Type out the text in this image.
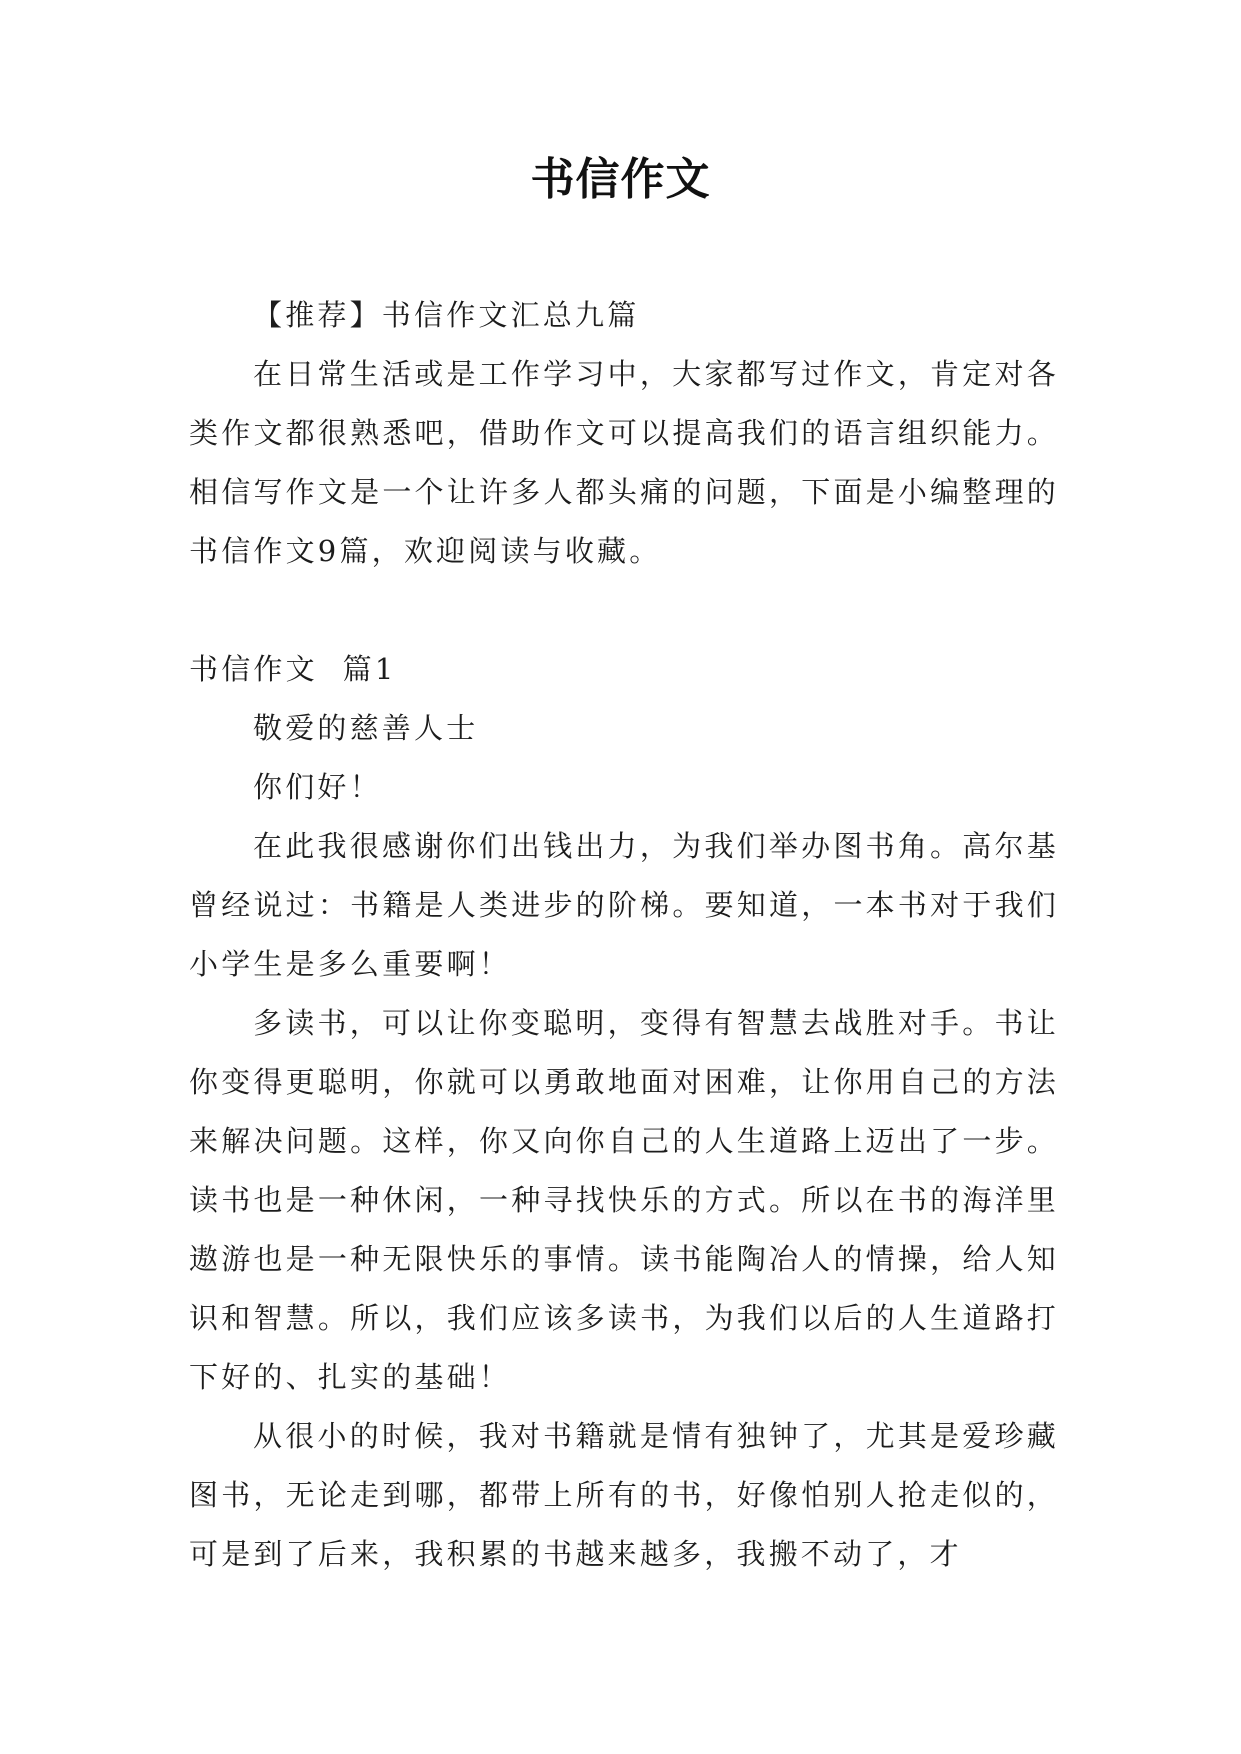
书信作文

【推荐】书信作文汇总九篇

在日常生活或是工作学习中，大家都写过作文，肯定对各类作文都很熟悉吧，借助作文可以提高我们的语言组织能力。相信写作文是一个让许多人都头痛的问题，下面是小编整理的书信作文9篇，欢迎阅读与收藏。

书信作文  篇1

敬爱的慈善人士

你们好！

在此我很感谢你们出钱出力，为我们举办图书角。高尔基曾经说过：书籍是人类进步的阶梯。要知道，一本书对于我们小学生是多么重要啊！

多读书，可以让你变聪明，变得有智慧去战胜对手。书让你变得更聪明，你就可以勇敢地面对困难，让你用自己的方法来解决问题。这样，你又向你自己的人生道路上迈出了一步。读书也是一种休闲，一种寻找快乐的方式。所以在书的海洋里遨游也是一种无限快乐的事情。读书能陶冶人的情操，给人知识和智慧。所以，我们应该多读书，为我们以后的人生道路打下好的、扎实的基础！

从很小的时候，我对书籍就是情有独钟了，尤其是爱珍藏图书，无论走到哪，都带上所有的书，好像怕别人抢走似的，可是到了后来，我积累的书越来越多，我搬不动了，才
